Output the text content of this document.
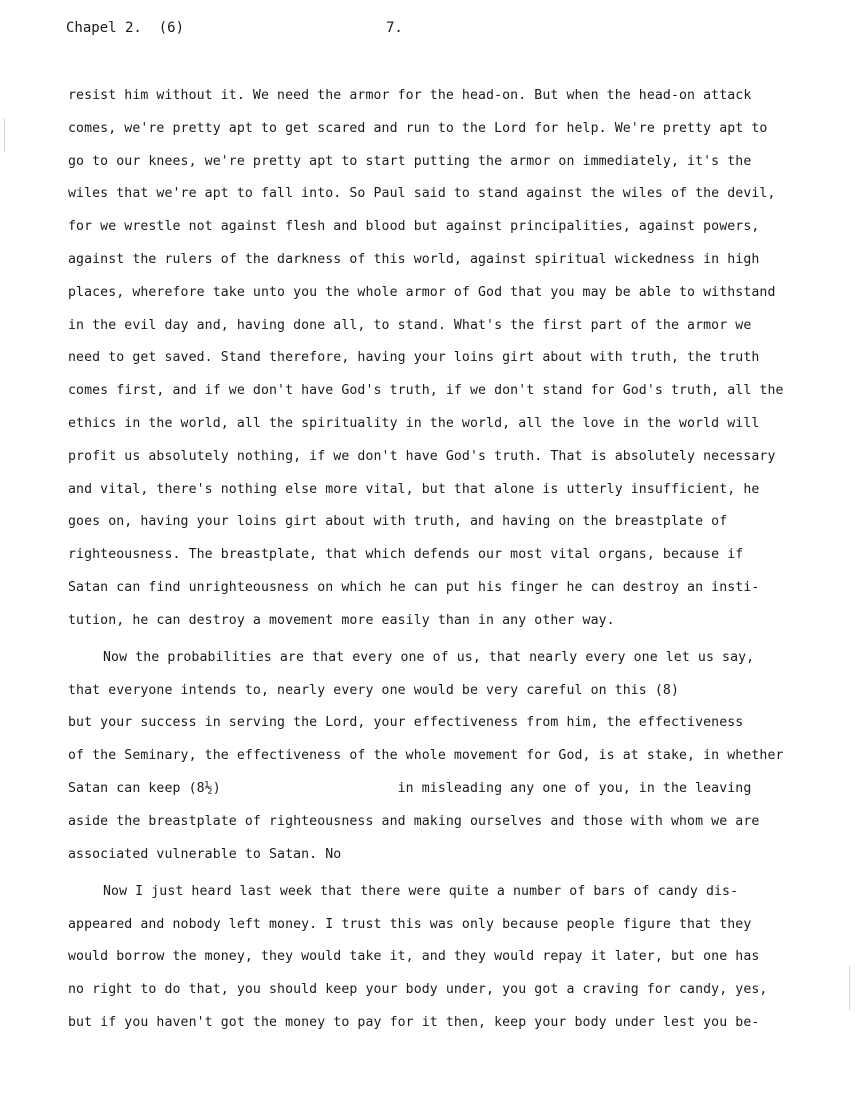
Chapel 2.  (6)	7.
resist him without it. We need the armor for the head-on. But when the head-on attack
comes, we're pretty apt to get scared and run to the Lord for help. We're pretty apt to
go to our knees, we're pretty apt to start putting the armor on immediately, it's the
wiles that we're apt to fall into. So Paul said to stand against the wiles of the devil,
for we wrestle not against flesh and blood but against principalities, against powers,
against the rulers of the darkness of this world, against spiritual wickedness in high
places, wherefore take unto you the whole armor of God that you may be able to withstand
in the evil day and, having done all, to stand. What's the first part of the armor we
need to get saved. Stand therefore, having your loins girt about with truth, the truth
comes first, and if we don't have God's truth, if we don't stand for God's truth, all the
ethics in the world, all the spirituality in the world, all the love in the world will
profit us absolutely nothing, if we don't have God's truth. That is absolutely necessary
and vital, there's nothing else more vital, but that alone is utterly insufficient, he
goes on, having your loins girt about with truth, and having on the breastplate of
righteousness. The breastplate, that which defends our most vital organs, because if
Satan can find unrighteousness on which he can put his finger he can destroy an insti-
tution, he can destroy a movement more easily than in any other way.
Now the probabilities are that every one of us, that nearly every one let us say,
that everyone intends to, nearly every one would be very careful on this (8)
but your success in serving the Lord, your effectiveness from him, the effectiveness
of the Seminary, the effectiveness of the whole movement for God, is at stake, in whether
Satan can keep (8½)                      in misleading any one of you, in the leaving
aside the breastplate of righteousness and making ourselves and those with whom we are
associated vulnerable to Satan. No
Now I just heard last week that there were quite a number of bars of candy dis-
appeared and nobody left money. I trust this was only because people figure that they
would borrow the money, they would take it, and they would repay it later, but one has
no right to do that, you should keep your body under, you got a craving for candy, yes,
but if you haven't got the money to pay for it then, keep your body under lest you be-
